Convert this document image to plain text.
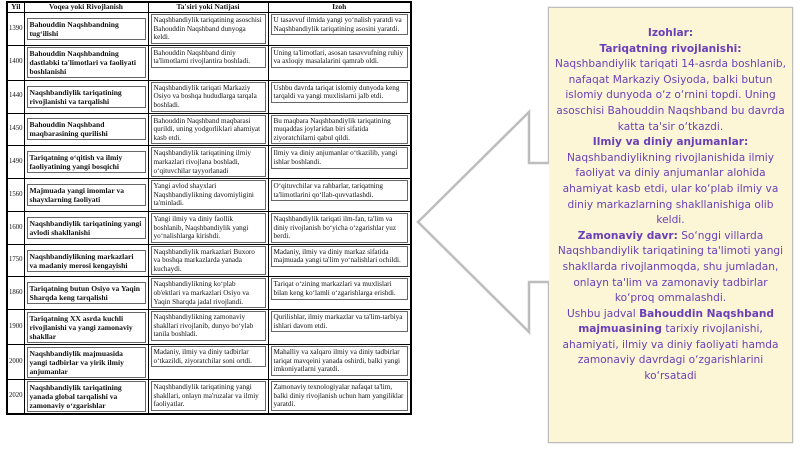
Yil	Voqea yoki Rivojlanish	Ta'siri yoki Natijasi	Izoh
1390	Bahouddin Naqshbandning tug‘ilishi	Naqshbandiylik tariqatining asoschisi Bahouddin Naqshband dunyoga keldi.	U tasavvuf ilmida yangi yo‘nalish yaratdi va Naqshbandiylik tariqatining asosini yaratdi.

1400	Bahouddin Naqshbandning dastlabki ta'limotlari va faoliyati boshlanishi	Bahouddin Naqshband diniy ta'limotlarni rivojlantira boshladi.	Uning ta'limotlari, asosan tasavvufning ruhiy va axloqiy masalalarini qamrab oldi.

1440	Naqshbandiylik tariqatining rivojlanishi va tarqalishi	Naqshbandiylik tariqati Markaziy Osiyo va boshqa hududlarga tarqala boshladi.	Ushbu davrda tariqat islomiy dunyoda keng tarqaldi va yangi muxlislarni jalb etdi.

1450	Bahouddin Naqshband maqbarasining qurilishi	Bahouddin Naqshband maqbarasi qurildi, uning yodgorliklari ahamiyat kasb etdi.	Bu maqbara Naqshbandiylik tariqatining muqaddas joylaridan biri sifatida ziyoratchilarni qabul qildi.

1490	Tariqatning o‘qitish va ilmiy faoliyatining yangi bosqichi	Naqshbandiylik tariqatining ilmiy markazlari rivojlana boshladi, o‘qituvchilar tayyorlanadi	Ilmiy va diniy anjumanlar o‘tkazilib, yangi ishlar boshlandi.

1560	Majmuada yangi imomlar va shayxlarning faoliyati	Yangi avlod shayxlari Naqshbandiylikning davomiyligini ta'minladi.	O‘qituvchilar va rahbarlar, tariqatning ta'limotlarini qo‘llab-quvvatlashdi.

1600	Naqshbandiylik tariqatining yangi avlodi shakllanishi	Yangi ilmiy va diniy faollik boshlanib, Naqshbandiylik yangi yo‘nalishlarga kirishdi.	Naqshbandiylik tariqati ilm-fan, ta'lim va diniy rivojlanish bo‘yicha o‘zgarishlar yuz berdi.

1750	Naqshbandiylikning markazlari va madaniy merosi kengayishi	Naqshbandiylik markazlari Buxoro va boshqa markazlarda yanada kuchaydi.	Madaniy, ilmiy va diniy markaz sifatida majmuada yangi ta'lim yo‘nalishlari ochildi.

1860	Tariqatning butun Osiyo va Yaqin Sharqda keng tarqalishi	Naqshbandiylikning ko‘plab ob'ektlari va markazlari Osiyo va Yaqin Sharqda jadal rivojlandi.	Tariqat o‘zining markazlari va muxlislari bilan keng ko‘lamli o‘zgarishlarga erishdi.

1900	Tariqatning XX asrda kuchli rivojlanishi va yangi zamonaviy shakllar	Naqshbandiylikning zamonaviy shakllari rivojlanib, dunyo bo‘ylab tanila boshladi.	Qurilishlar, ilmiy markazlar va ta'lim-tarbiya ishlari davom etdi.

2000	Naqshbandiylik majmuasida yangi tadbirlar va yirik ilmiy anjumanlar	Madaniy, ilmiy va diniy tadbirlar o‘tkazildi, ziyoratchilar soni ortdi.	Mahalliy va xalqaro ilmiy va diniy tadbirlar tariqat mavqeini yanada oshirdi, balki yangi imkoniyatlarni yaratdi.

2020	Naqshbandiylik tariqatining yanada global tarqalishi va zamonaviy o‘zgarishlar	Naqshbandiylik tariqatining yangi shakllari, onlayn ma'ruzalar va ilmiy faoliyatlar.	Zamonaviy texnologiyalar nafaqat ta'lim, balki diniy rivojlanish uchun ham yangiliklar yaratdi.
Izohlar:
Tariqatning rivojlanishi:
Naqshbandiylik tariqati 14-asrda boshlanib, nafaqat Markaziy Osiyoda, balki butun islomiy dunyoda o‘z o‘rnini topdi. Uning asoschisi Bahouddin Naqshband bu davrda katta ta'sir o‘tkazdi.
Ilmiy va diniy anjumanlar:
Naqshbandiylikning rivojlanishida ilmiy faoliyat va diniy anjumanlar alohida ahamiyat kasb etdi, ular ko‘plab ilmiy va diniy markazlarning shakllanishiga olib keldi.
Zamonaviy davr: So‘nggi villarda Naqshbandiylik tariqatining ta'limoti yangi shakllarda rivojlanmoqda, shu jumladan, onlayn ta'lim va zamonaviy tadbirlar ko‘proq ommalashdi.
Ushbu jadval Bahouddin Naqshband majmuasining tarixiy rivojlanishi, ahamiyati, ilmiy va diniy faoliyati hamda zamonaviy davrdagi o‘zgarishlarini ko‘rsatadi
